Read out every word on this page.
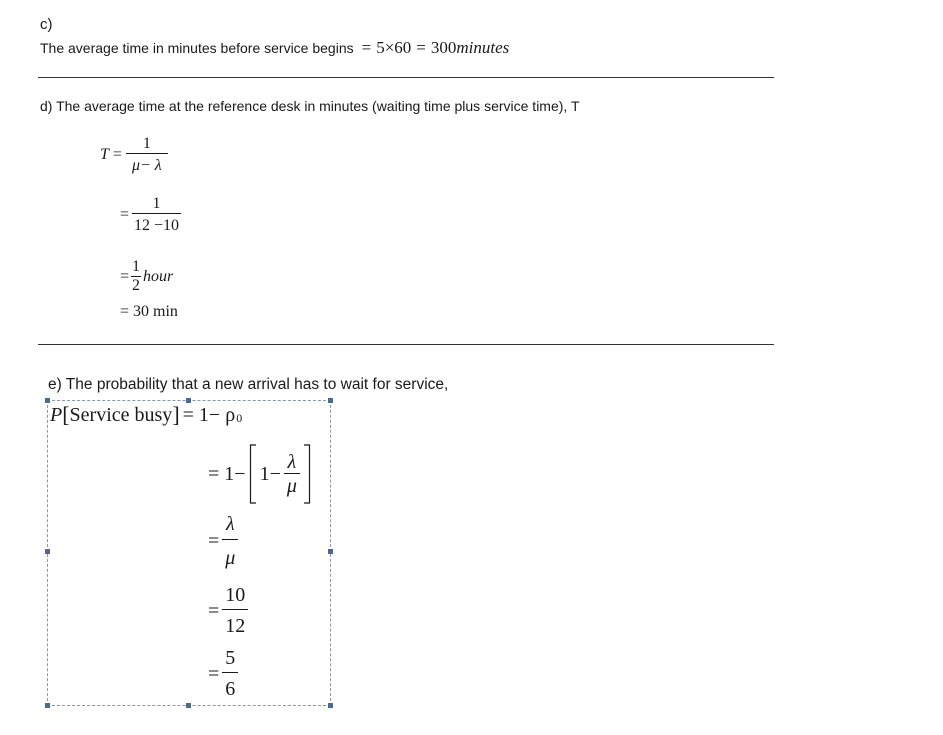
c)
The average time in minutes before service begins = 5×60 = 300 minutes
d) The average time at the reference desk in minutes (waiting time plus service time), T
$T = \frac{1}{\mu- \lambda}$
= $\frac{1}{12 -10}$
= $\frac{1}{2}$ hour
= 30 min
e) The probability that a new arrival has to wait for service,
P [ Service busy ] = $1- \rho_0$
= $1- 1- \frac{\lambda}{\mu}$
= $\frac{\lambda}{\mu}$
= $\frac{10}{12}$
= $\frac{5}{6}$
